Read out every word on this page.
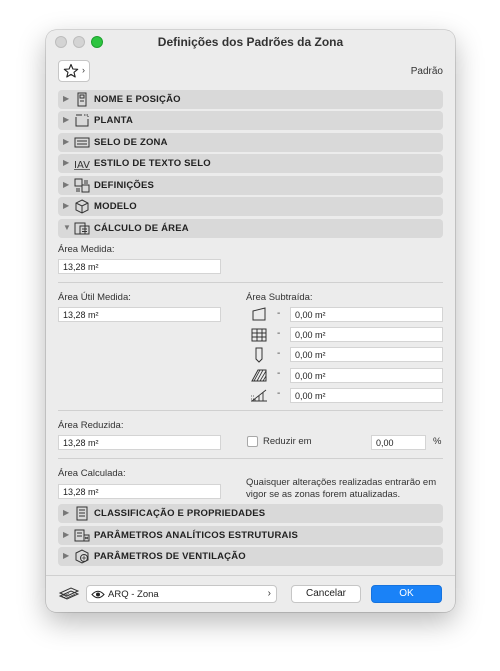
Definições dos Padrões da Zona
›	Padrão
▶	NOME E POSIÇÃO
▶	PLANTA
▶	SELO DE ZONA
▶ IAV ESTILO DE TEXTO SELO
▶	DEFINIÇÕES
▶	MODELO
▼ CÁLCULO DE ÁREA
Área Medida:
13,28 m²
Área Útil Medida:
13,28 m²
Área Subtraída:
-	0,00 m²
-	0,00 m²
-	0,00 m²
-	0,00 m²
-	0,00 m²
Área Reduzida:
13,28 m²	Reduzir em	0,00	%
Área Calculada:
13,28 m²
Quaisquer alterações realizadas entrarão em vigor se as zonas forem atualizadas.
▶	CLASSIFICAÇÃO E PROPRIEDADES
▶	PARÂMETROS ANALÍTICOS ESTRUTURAIS
▶	PARÂMETROS DE VENTILAÇÃO
ARQ - Zona	›	Cancelar	OK
